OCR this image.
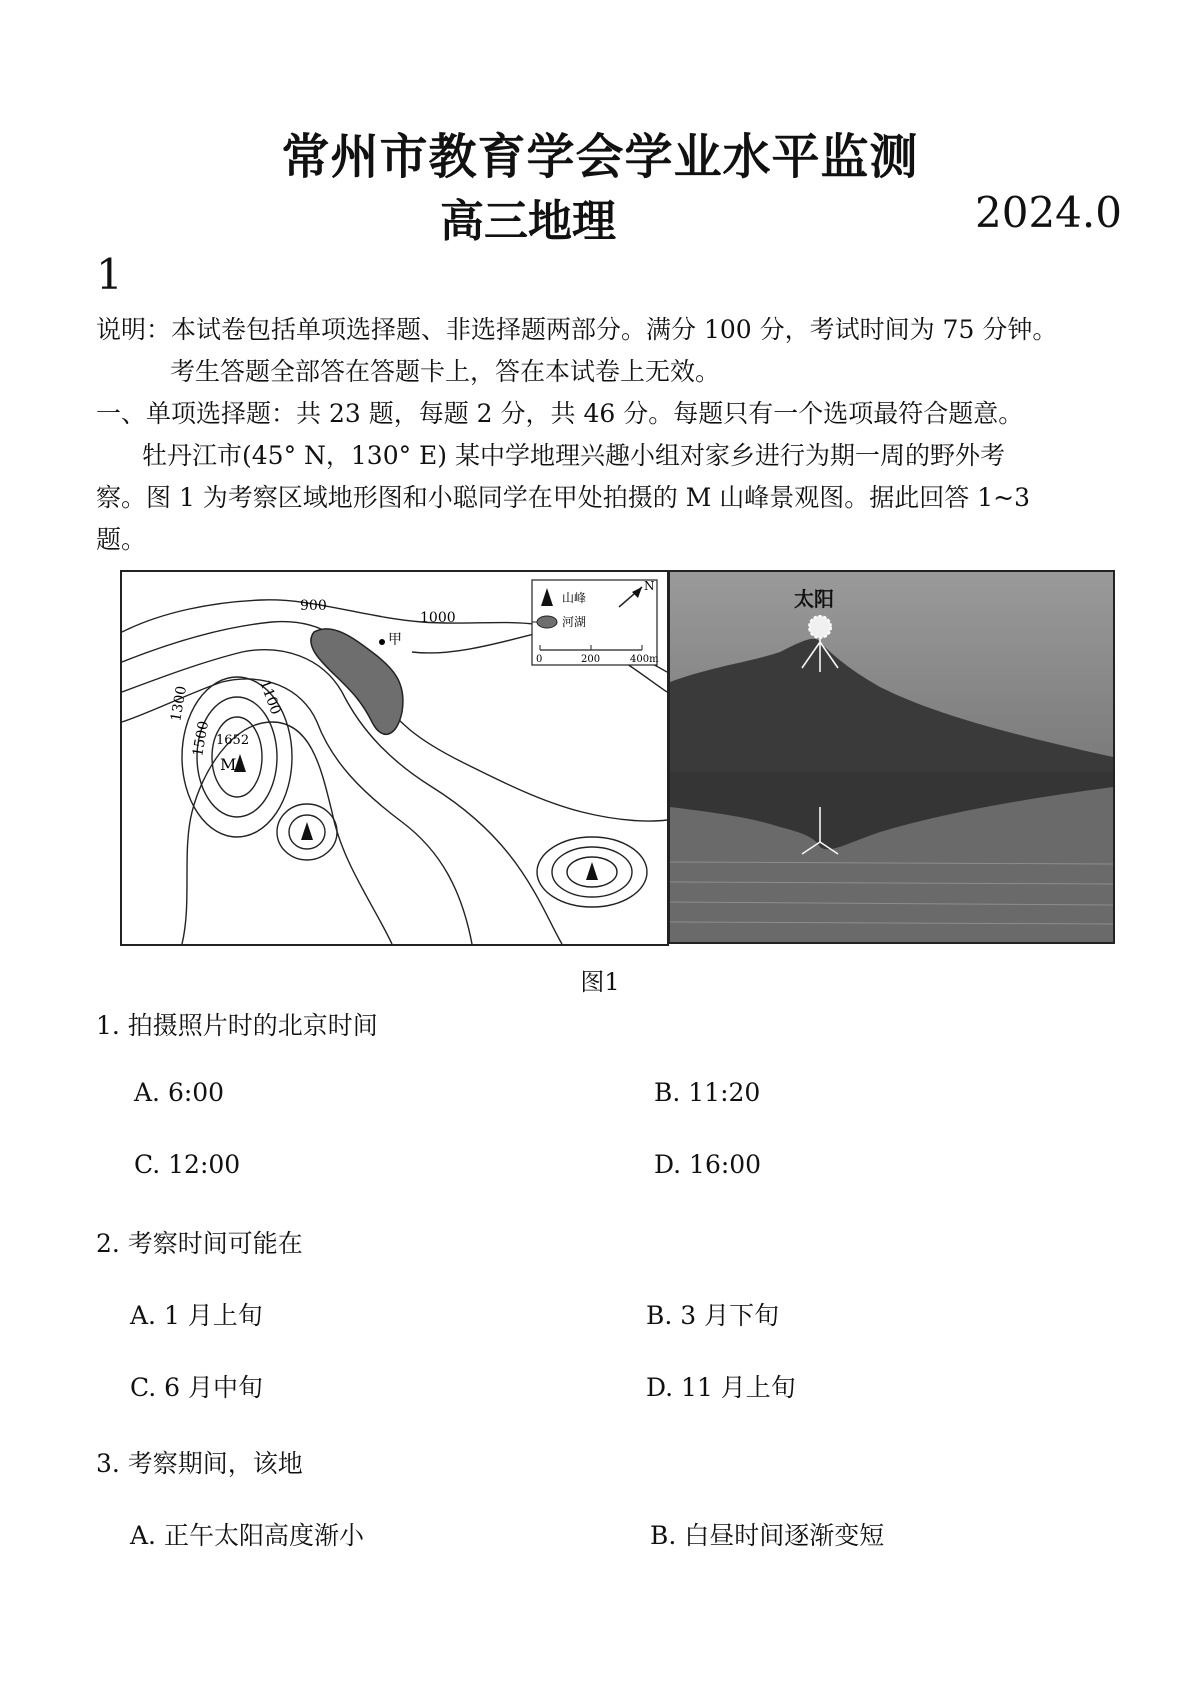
常州市教育学会学业水平监测
高三地理	2024.0
1
说明：本试卷包括单项选择题、非选择题两部分。满分 100 分，考试时间为 75 分钟。
考生答题全部答在答题卡上，答在本试卷上无效。
一、单项选择题：共 23 题，每题 2 分，共 46 分。每题只有一个选项最符合题意。
牡丹江市(45° N，130° E) 某中学地理兴趣小组对家乡进行为期一周的野外考
察。图 1 为考察区域地形图和小聪同学在甲处拍摄的 M 山峰景观图。据此回答 1~3
题。
甲
900
1000
1100
1300
1500 1652
M
山峰
河湖
0	200	400m
N
太阳
图1
1. 拍摄照片时的北京时间
A. 6:00	B. 11:20
C. 12:00	D. 16:00
2. 考察时间可能在
A. 1 月上旬	B. 3 月下旬
C. 6 月中旬	D. 11 月上旬
3. 考察期间，该地
A. 正午太阳高度渐小	B. 白昼时间逐渐变短
